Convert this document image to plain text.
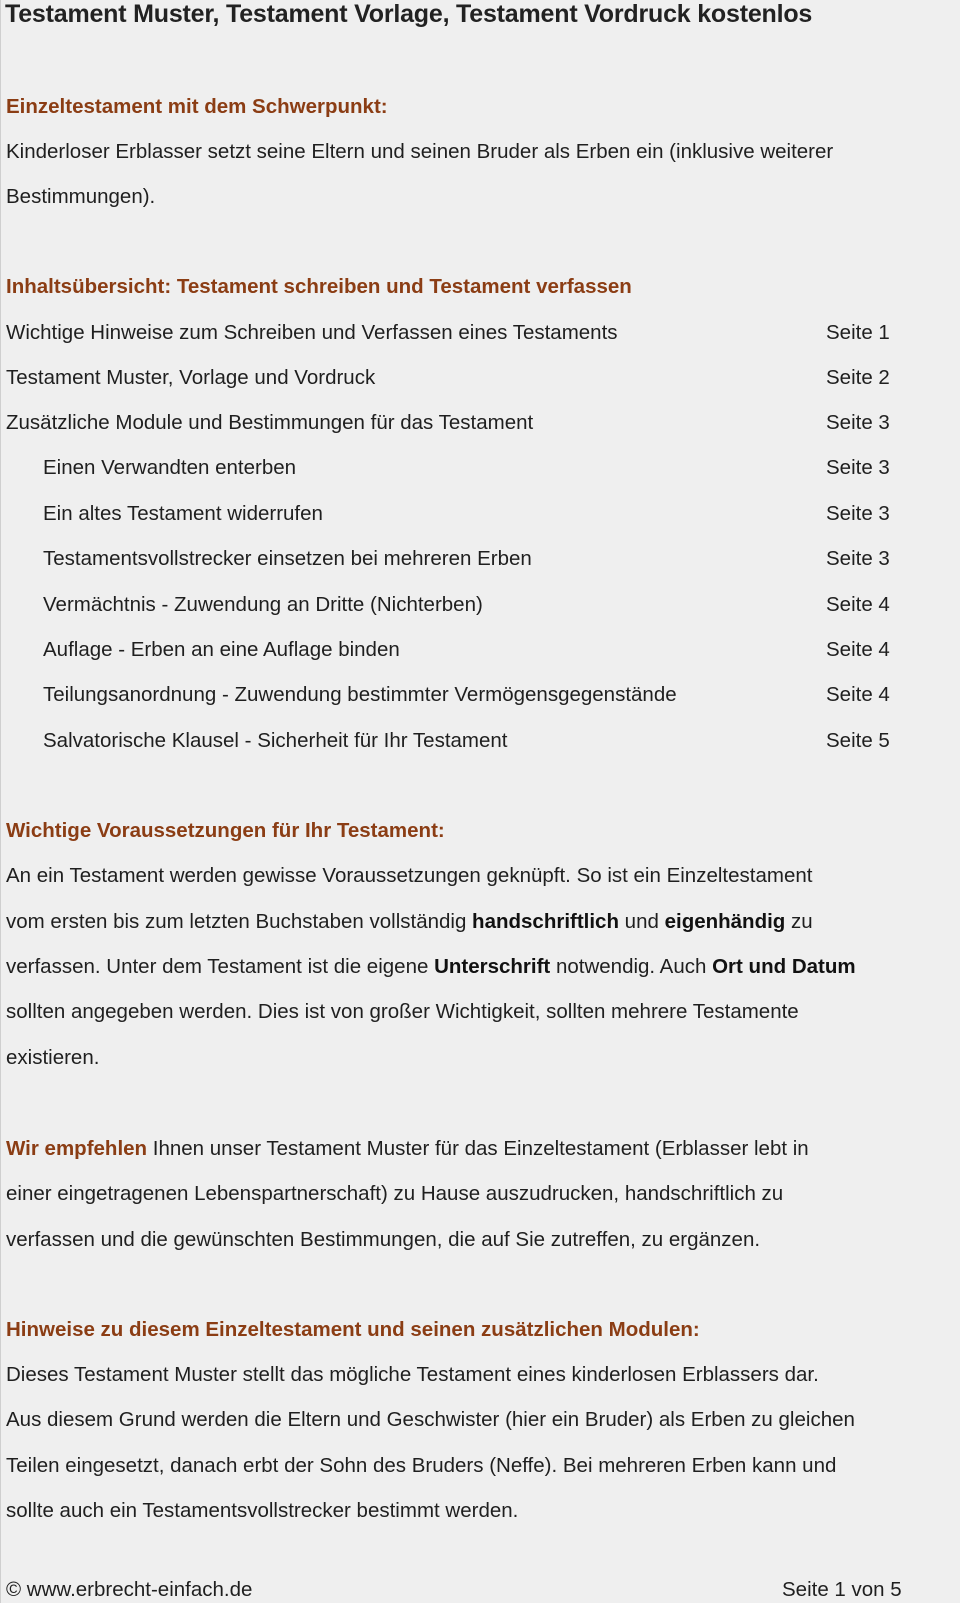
Testament Muster, Testament Vorlage, Testament Vordruck kostenlos
Einzeltestament mit dem Schwerpunkt:
Kinderloser Erblasser setzt seine Eltern und seinen Bruder als Erben ein (inklusive weiterer
Bestimmungen).
Inhaltsübersicht: Testament schreiben und Testament verfassen
Wichtige Hinweise zum Schreiben und Verfassen eines Testaments	Seite 1
Testament Muster, Vorlage und Vordruck	Seite 2
Zusätzliche Module und Bestimmungen für das Testament	Seite 3
Einen Verwandten enterben	Seite 3
Ein altes Testament widerrufen	Seite 3
Testamentsvollstrecker einsetzen bei mehreren Erben	Seite 3
Vermächtnis - Zuwendung an Dritte (Nichterben)	Seite 4
Auflage - Erben an eine Auflage binden	Seite 4
Teilungsanordnung - Zuwendung bestimmter Vermögensgegenstände	Seite 4
Salvatorische Klausel - Sicherheit für Ihr Testament	Seite 5
Wichtige Voraussetzungen für Ihr Testament:
An ein Testament werden gewisse Voraussetzungen geknüpft. So ist ein Einzeltestament
vom ersten bis zum letzten Buchstaben vollständig handschriftlich und eigenhändig zu
verfassen. Unter dem Testament ist die eigene Unterschrift notwendig. Auch Ort und Datum
sollten angegeben werden. Dies ist von großer Wichtigkeit, sollten mehrere Testamente
existieren.
Wir empfehlen Ihnen unser Testament Muster für das Einzeltestament (Erblasser lebt in
einer eingetragenen Lebenspartnerschaft) zu Hause auszudrucken, handschriftlich zu
verfassen und die gewünschten Bestimmungen, die auf Sie zutreffen, zu ergänzen.
Hinweise zu diesem Einzeltestament und seinen zusätzlichen Modulen:
Dieses Testament Muster stellt das mögliche Testament eines kinderlosen Erblassers dar.
Aus diesem Grund werden die Eltern und Geschwister (hier ein Bruder) als Erben zu gleichen
Teilen eingesetzt, danach erbt der Sohn des Bruders (Neffe). Bei mehreren Erben kann und
sollte auch ein Testamentsvollstrecker bestimmt werden.
© www.erbrecht-einfach.de	Seite 1 von 5
